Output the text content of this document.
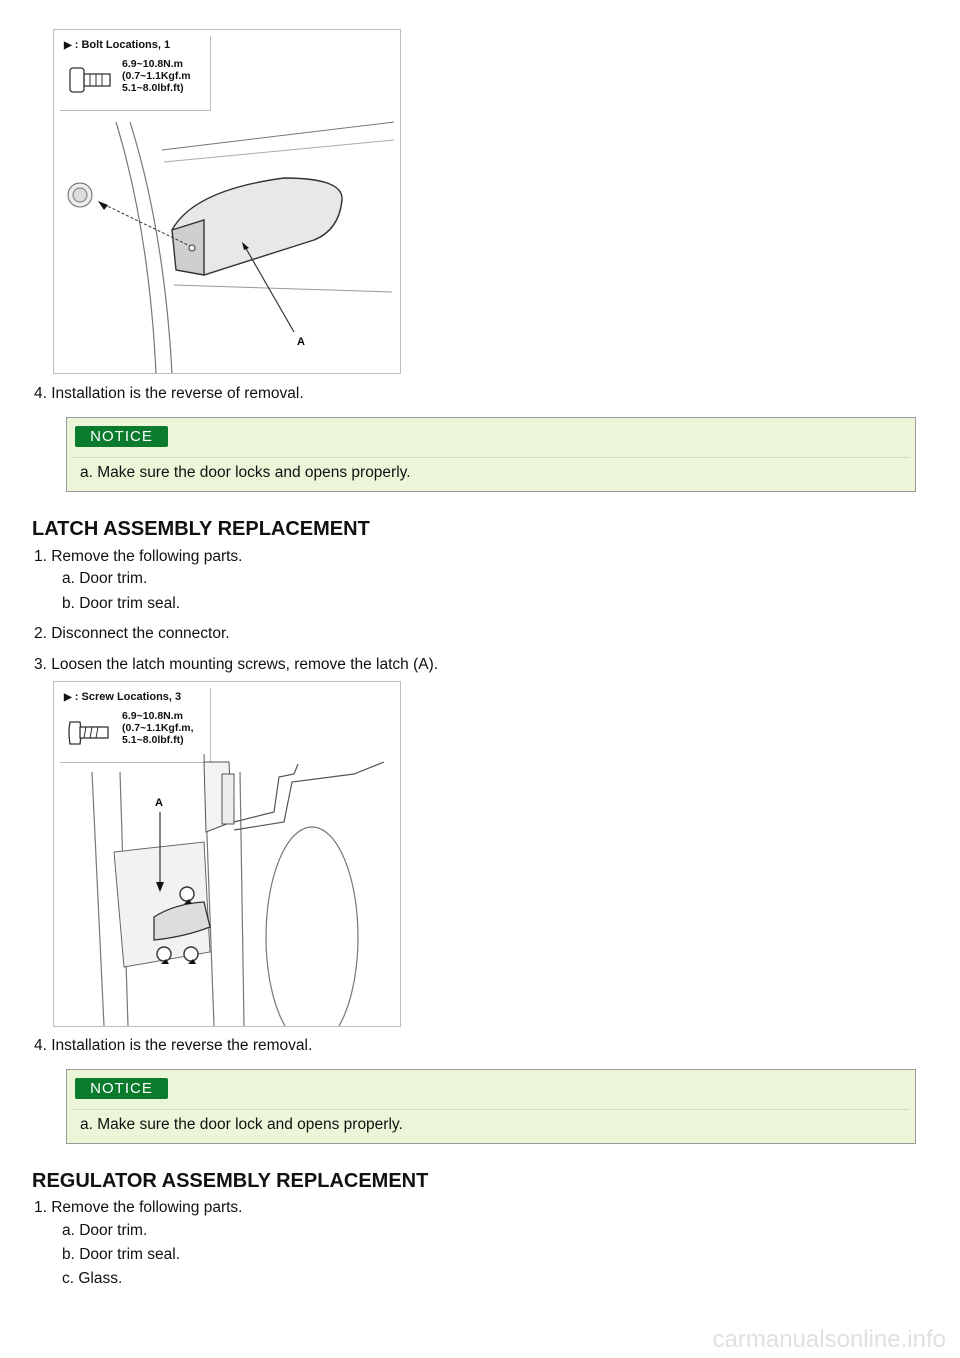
▶ : Bolt Locations, 1
6.9~10.8N.m
(0.7~1.1Kgf.m
5.1~8.0lbf.ft)
A
4. Installation is the reverse of removal.
NOTICE
a. Make sure the door locks and opens properly.
LATCH ASSEMBLY REPLACEMENT
1. Remove the following parts.
a. Door trim.
b. Door trim seal.
2. Disconnect the connector.
3. Loosen the latch mounting screws, remove the latch (A).
▶ : Screw Locations, 3
6.9~10.8N.m
(0.7~1.1Kgf.m,
5.1~8.0lbf.ft)
A
4. Installation is the reverse the removal.
NOTICE
a. Make sure the door lock and opens properly.
REGULATOR ASSEMBLY REPLACEMENT
1. Remove the following parts.
a. Door trim.
b. Door trim seal.
c. Glass.
carmanualsonline.info
